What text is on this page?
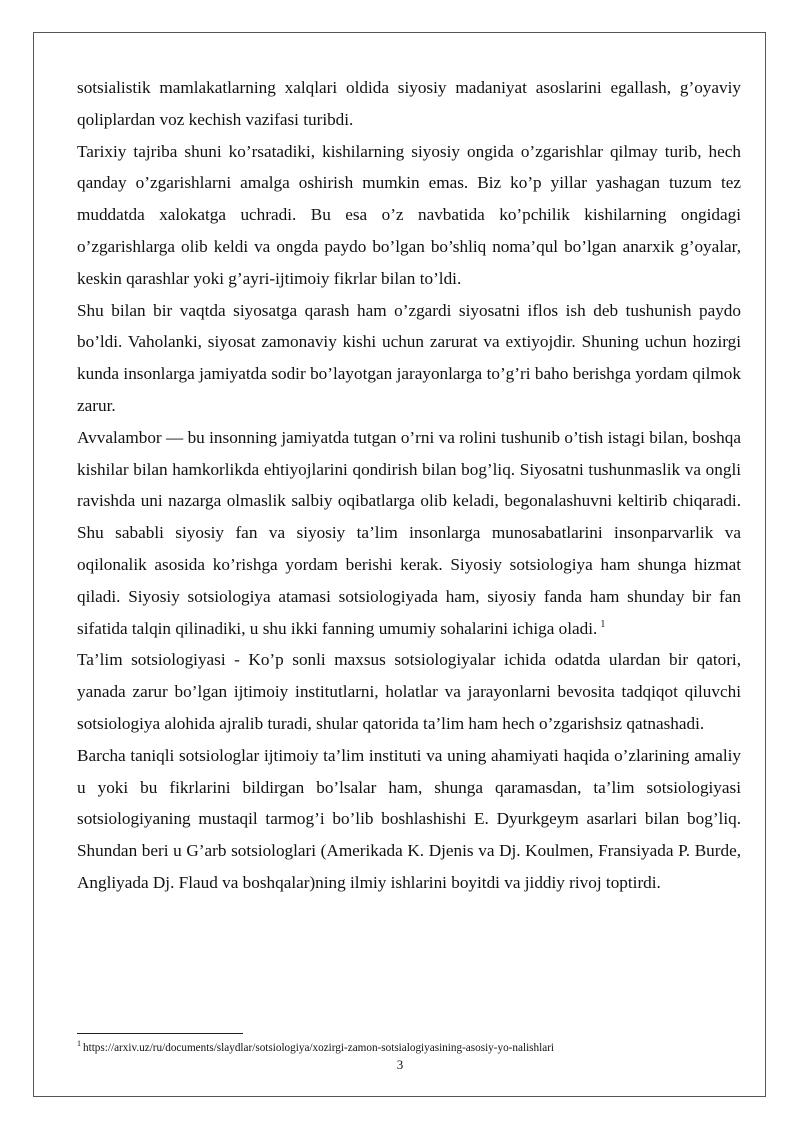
sotsialistik mamlakatlarning xalqlari oldida siyosiy madaniyat asoslarini egallash, g’oyaviy qoliplardan voz kechish vazifasi turibdi.

Tarixiy tajriba shuni ko’rsatadiki, kishilarning siyosiy ongida o’zgarishlar qilmay turib, hech qanday o’zgarishlarni amalga oshirish mumkin emas. Biz ko’p yillar yashagan tuzum tez muddatda xalokatga uchradi. Bu esa o’z navbatida ko’pchilik kishilarning ongidagi o’zgarishlarga olib keldi va ongda paydo bo’lgan bo’shliq noma’qul bo’lgan anarxik g’oyalar, keskin qarashlar yoki g’ayri-ijtimoiy fikrlar bilan to’ldi.

Shu bilan bir vaqtda siyosatga qarash ham o’zgardi siyosatni iflos ish deb tushunish paydo bo’ldi. Vaholanki, siyosat zamonaviy kishi uchun zarurat va extiyojdir. Shuning uchun hozirgi kunda insonlarga jamiyatda sodir bo’layotgan jarayonlarga to’g’ri baho berishga yordam qilmok zarur.

Avvalambor — bu insonning jamiyatda tutgan o’rni va rolini tushunib o’tish istagi bilan, boshqa kishilar bilan hamkorlikda ehtiyojlarini qondirish bilan bog’liq. Siyosatni tushunmaslik va ongli ravishda uni nazarga olmaslik salbiy oqibatlarga olib keladi, begonalashuvni keltirib chiqaradi. Shu sababli siyosiy fan va siyosiy ta’lim insonlarga munosabatlarini insonparvarlik va oqilonalik asosida ko’rishga yordam berishi kerak. Siyosiy sotsiologiya ham shunga hizmat qiladi. Siyosiy sotsiologiya atamasi sotsiologiyada ham, siyosiy fanda ham shunday bir fan sifatida talqin qilinadiki, u shu ikki fanning umumiy sohalarini ichiga oladi. $^1$

Ta’lim sotsiologiyasi - Ko’p sonli maxsus sotsiologiyalar ichida odatda ulardan bir qatori, yanada zarur bo’lgan ijtimoiy institutlarni, holatlar va jarayonlarni bevosita tadqiqot qiluvchi sotsiologiya alohida ajralib turadi, shular qatorida ta’lim ham hech o’zgarishsiz qatnashadi.

Barcha taniqli sotsiologlar ijtimoiy ta’lim instituti va uning ahamiyati haqida o’zlarining amaliy u yoki bu fikrlarini bildirgan bo’lsalar ham, shunga qaramasdan, ta’lim sotsiologiyasi sotsiologiyaning mustaqil tarmog’i bo’lib boshlashishi E. Dyurkgeym asarlari bilan bog’liq. Shundan beri u G’arb sotsiologlari (Amerikada K. Djenis va Dj. Koulmen, Fransiyada P. Burde, Angliyada Dj. Flaud va boshqalar)ning ilmiy ishlarini boyitdi va jiddiy rivoj toptirdi.

$^1$ https://arxiv.uz/ru/documents/slaydlar/sotsiologiya/xozirgi-zamon-sotsialogiyasining-asosiy-yo-nalishlari
3
